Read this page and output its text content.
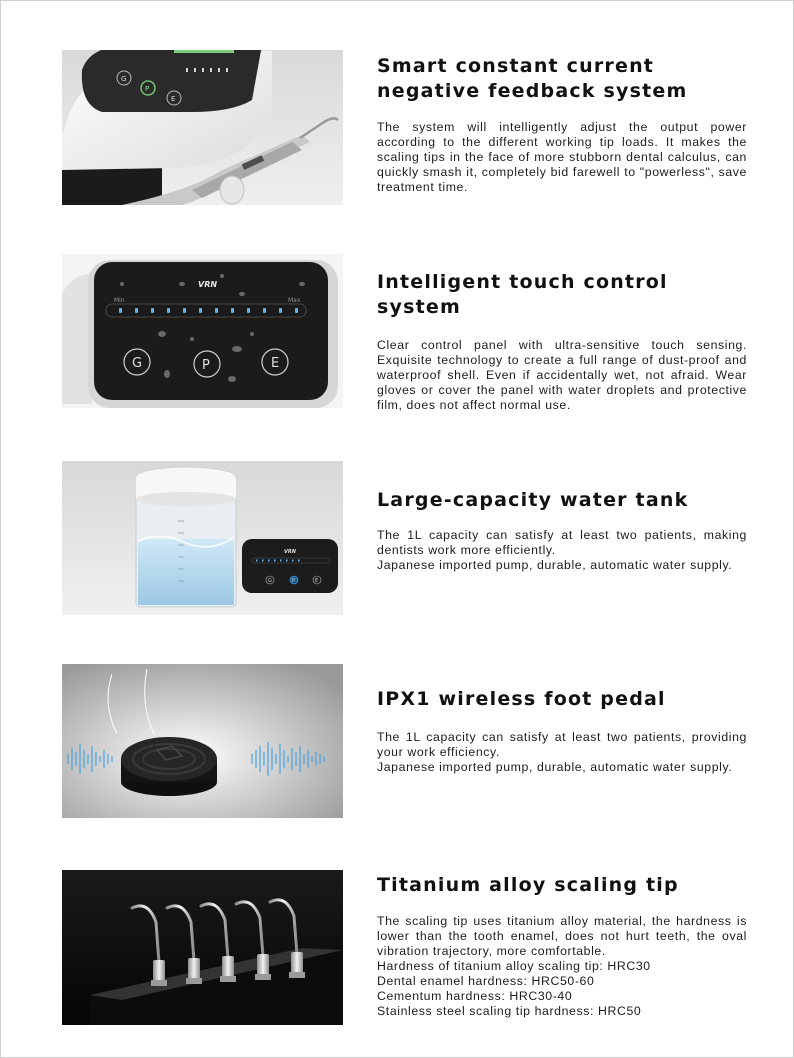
G
P
E
Smart constant current
negative feedback system

The system will intelligently adjust the output power according to the different working tip loads. It makes the scaling tips in the face of more stubborn dental calculus, can quickly smash it, completely bid farewell to "powerless", save treatment time.

VRN
Min	Max
G	P	E
Intelligent touch control system

Clear control panel with ultra-sensitive touch sensing. Exquisite technology to create a full range of dust-proof and waterproof shell. Even if accidentally wet, not afraid. Wear gloves or cover the panel with water droplets and protective film, does not affect normal use.

VRN
G	P	E
Large-capacity water tank

The 1L capacity can satisfy at least two patients, making dentists work more efficiently.

Japanese imported pump, durable, automatic water supply.

IPX1 wireless foot pedal

The 1L capacity can satisfy at least two patients, providing your work efficiency.

Japanese imported pump, durable, automatic water supply.

Titanium alloy scaling tip

The scaling tip uses titanium alloy material, the hardness is lower than the tooth enamel, does not hurt teeth, the oval vibration trajectory, more comfortable.

Hardness of titanium alloy scaling tip: HRC30

Dental enamel hardness: HRC50-60

Cementum hardness: HRC30-40

Stainless steel scaling tip hardness: HRC50
